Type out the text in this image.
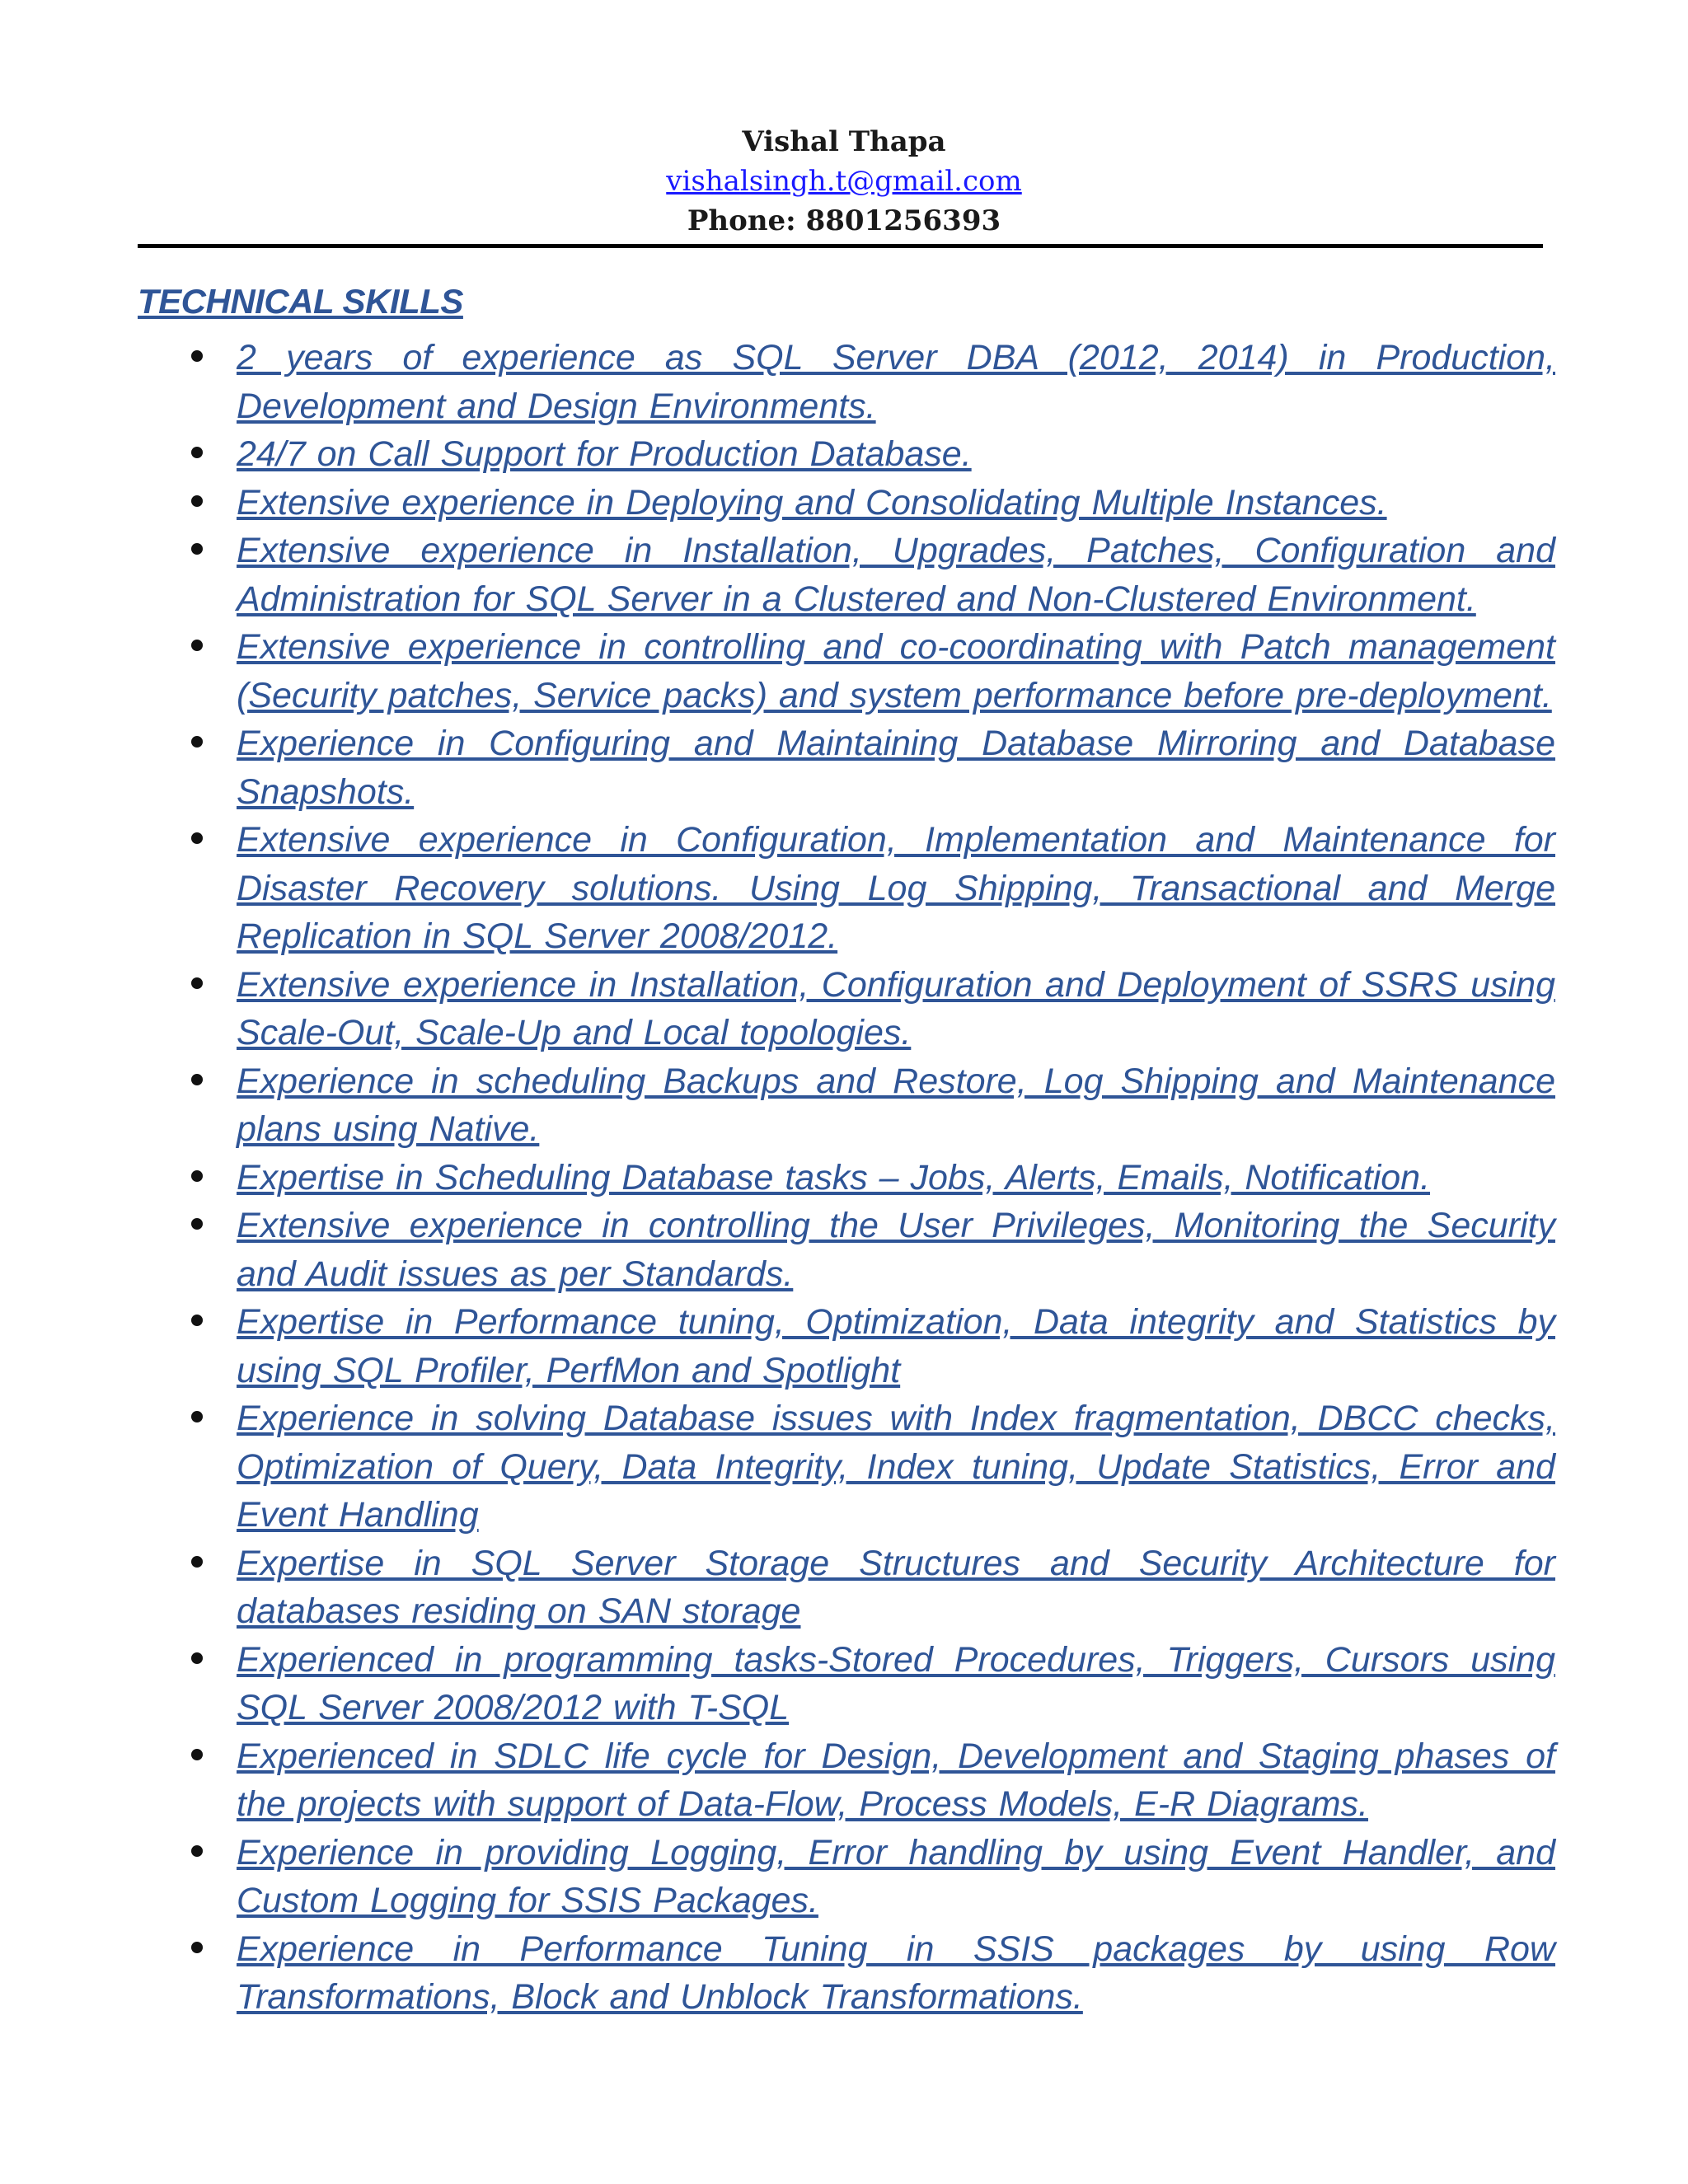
Vishal Thapa
vishalsingh.t@gmail.com
Phone: 8801256393
TECHNICAL SKILLS
2 years of experience as SQL Server DBA (2012, 2014) in Production, Development and Design Environments.
24/7 on Call Support for Production Database.
Extensive experience in Deploying and Consolidating Multiple Instances.
Extensive experience in Installation, Upgrades, Patches, Configuration and Administration for SQL Server in a Clustered and Non-Clustered Environment.
Extensive experience in controlling and co-coordinating with Patch management (Security patches, Service packs) and system performance before pre-deployment.
Experience in Configuring and Maintaining Database Mirroring and Database Snapshots.
Extensive experience in Configuration, Implementation and Maintenance for Disaster Recovery solutions. Using Log Shipping, Transactional and Merge Replication in SQL Server 2008/2012.
Extensive experience in Installation, Configuration and Deployment of SSRS using Scale-Out, Scale-Up and Local topologies.
Experience in scheduling Backups and Restore, Log Shipping and Maintenance plans using Native.
Expertise in Scheduling Database tasks – Jobs, Alerts, Emails, Notification.
Extensive experience in controlling the User Privileges, Monitoring the Security and Audit issues as per Standards.
Expertise in Performance tuning, Optimization, Data integrity and Statistics by using SQL Profiler, PerfMon and Spotlight
Experience in solving Database issues with Index fragmentation, DBCC checks, Optimization of Query, Data Integrity, Index tuning, Update Statistics, Error and Event Handling
Expertise in SQL Server Storage Structures and Security Architecture for databases residing on SAN storage
Experienced in programming tasks-Stored Procedures, Triggers, Cursors using SQL Server 2008/2012 with T-SQL
Experienced in SDLC life cycle for Design, Development and Staging phases of the projects with support of Data-Flow, Process Models, E-R Diagrams.
Experience in providing Logging, Error handling by using Event Handler, and Custom Logging for SSIS Packages.
Experience in Performance Tuning in SSIS packages by using Row Transformations, Block and Unblock Transformations.
